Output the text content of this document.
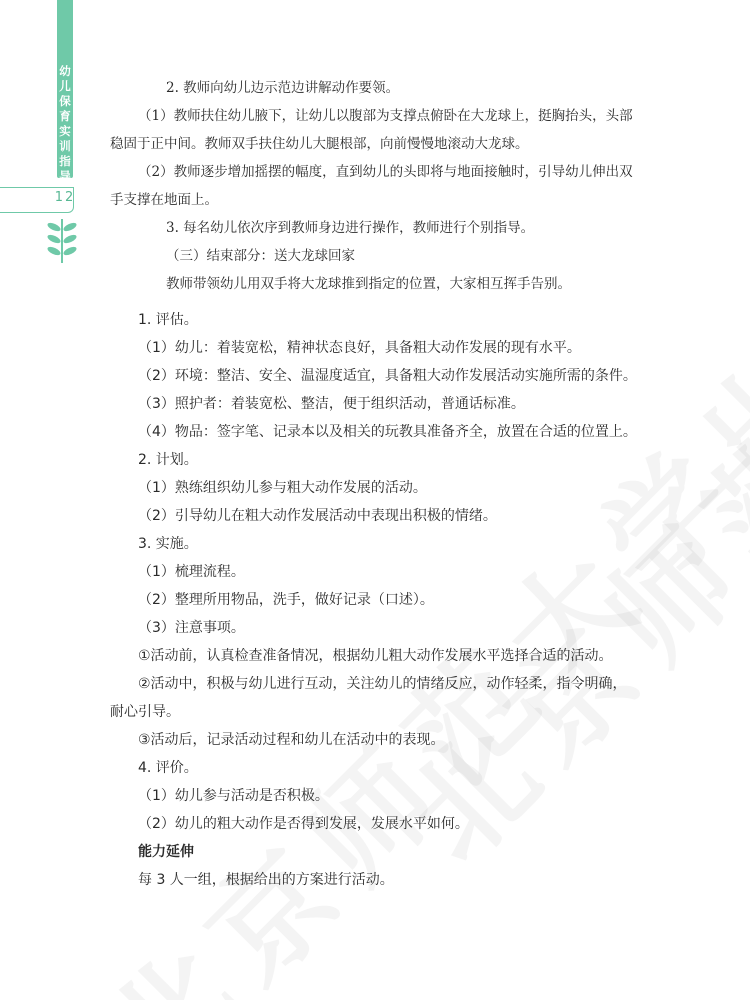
幼儿保育实训指导
12

2. 教师向幼儿边示范边讲解动作要领。

（1）教师扶住幼儿腋下，让幼儿以腹部为支撑点俯卧在大龙球上，挺胸抬头，头部稳固于正中间。教师双手扶住幼儿大腿根部，向前慢慢地滚动大龙球。

（2）教师逐步增加摇摆的幅度，直到幼儿的头即将与地面接触时，引导幼儿伸出双手支撑在地面上。

3. 每名幼儿依次序到教师身边进行操作，教师进行个别指导。

（三）结束部分：送大龙球回家

教师带领幼儿用双手将大龙球推到指定的位置，大家相互挥手告别。

1. 评估。

（1）幼儿：着装宽松，精神状态良好，具备粗大动作发展的现有水平。

（2）环境：整洁、安全、温湿度适宜，具备粗大动作发展活动实施所需的条件。

（3）照护者：着装宽松、整洁，便于组织活动，普通话标准。

（4）物品：签字笔、记录本以及相关的玩教具准备齐全，放置在合适的位置上。

2. 计划。

（1）熟练组织幼儿参与粗大动作发展的活动。

（2）引导幼儿在粗大动作发展活动中表现出积极的情绪。

3. 实施。

（1）梳理流程。

（2）整理所用物品，洗手，做好记录（口述）。

（3）注意事项。

①活动前，认真检查准备情况，根据幼儿粗大动作发展水平选择合适的活动。

②活动中，积极与幼儿进行互动，关注幼儿的情绪反应，动作轻柔，指令明确，耐心引导。

③活动后，记录活动过程和幼儿在活动中的表现。

4. 评价。

（1）幼儿参与活动是否积极。

（2）幼儿的粗大动作是否得到发展，发展水平如何。

能力延伸

每 3 人一组，根据给出的方案进行活动。
